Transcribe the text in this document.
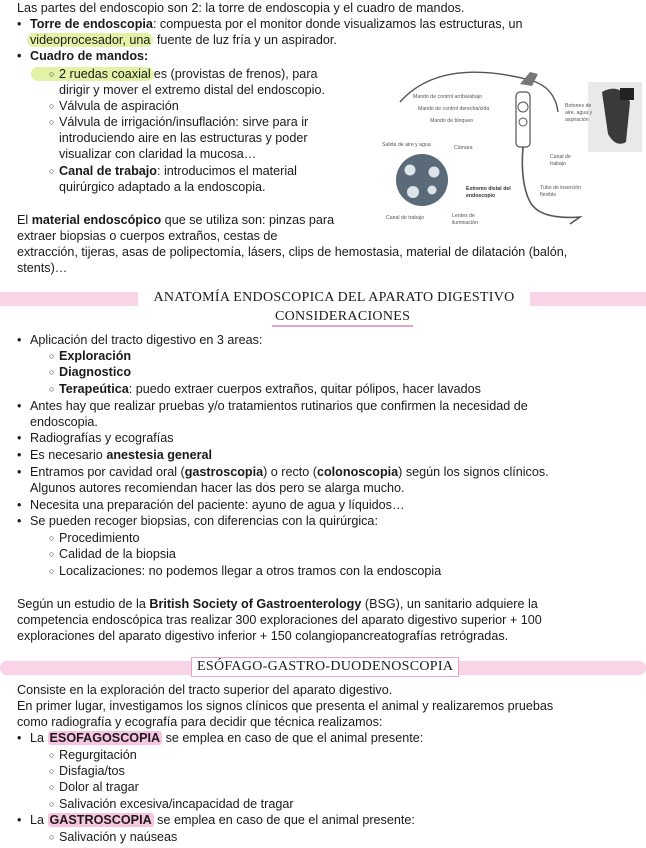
Las partes del endoscopio son 2: la torre de endoscopia y el cuadro de mandos.
• Torre de endoscopia: compuesta por el monitor donde visualizamos las estructuras, un
videoprocesador, una fuente de luz fría y un aspirador.
• Cuadro de mandos:
○ 2 ruedas coaxial es (provistas de frenos), para
dirigir y mover el extremo distal del endoscopio.
○ Válvula de aspiración
○ Válvula de irrigación/insuflación: sirve para ir
introduciendo aire en las estructuras y poder
visualizar con claridad la mucosa…
○ Canal de trabajo: introducimos el material
quirúrgico adaptado a la endoscopia.
El material endoscópico que se utiliza son: pinzas para
extraer biopsias o cuerpos extraños, cestas de
extracción, tijeras, asas de polipectomía, lásers, clips de hemostasia, material de dilatación (balón,
stents)…
Mando de control arriba/abajo
Mando de control derecha/izda
Mando de bloqueo
Botones de
aire, agua y
aspiración
Salida de aire y agua	Cámara
Canal de
trabajo
Extremo distal del
endoscopio
Tubo de inserción
flexible
Canal de trabajo	Lentes de
iluminación
ANATOMÍA ENDOSCOPICA DEL APARATO DIGESTIVO
CONSIDERACIONES
• Aplicación del tracto digestivo en 3 areas:
○ Exploración
○ Diagnostico
○ Terapeútica: puedo extraer cuerpos extraños, quitar pólipos, hacer lavados
• Antes hay que realizar pruebas y/o tratamientos rutinarios que confirmen la necesidad de
endoscopia.
• Radiografías y ecografías
• Es necesario anestesia general
• Entramos por cavidad oral (gastroscopia) o recto (colonoscopia) según los signos clínicos.
Algunos autores recomiendan hacer las dos pero se alarga mucho.
• Necesita una preparación del paciente: ayuno de agua y líquidos…
• Se pueden recoger biopsias, con diferencias con la quirúrgica:
○ Procedimiento
○ Calidad de la biopsia
○ Localizaciones: no podemos llegar a otros tramos con la endoscopia
Según un estudio de la British Society of Gastroenterology (BSG), un sanitario adquiere la
competencia endoscópica tras realizar 300 exploraciones del aparato digestivo superior + 100
exploraciones del aparato digestivo inferior + 150 colangiopancreatografías retrógradas.
ESÓFAGO-GASTRO-DUODENOSCOPIA
Consiste en la exploración del tracto superior del aparato digestivo.
En primer lugar, investigamos los signos clínicos que presenta el animal y realizaremos pruebas
como radiografía y ecografía para decidir que técnica realizamos:
• La ESOFAGOSCOPIA se emplea en caso de que el animal presente:
○ Regurgitación
○ Disfagia/tos
○ Dolor al tragar
○ Salivación excesiva/incapacidad de tragar
• La GASTROSCOPIA se emplea en caso de que el animal presente:
○ Salivación y naúseas
